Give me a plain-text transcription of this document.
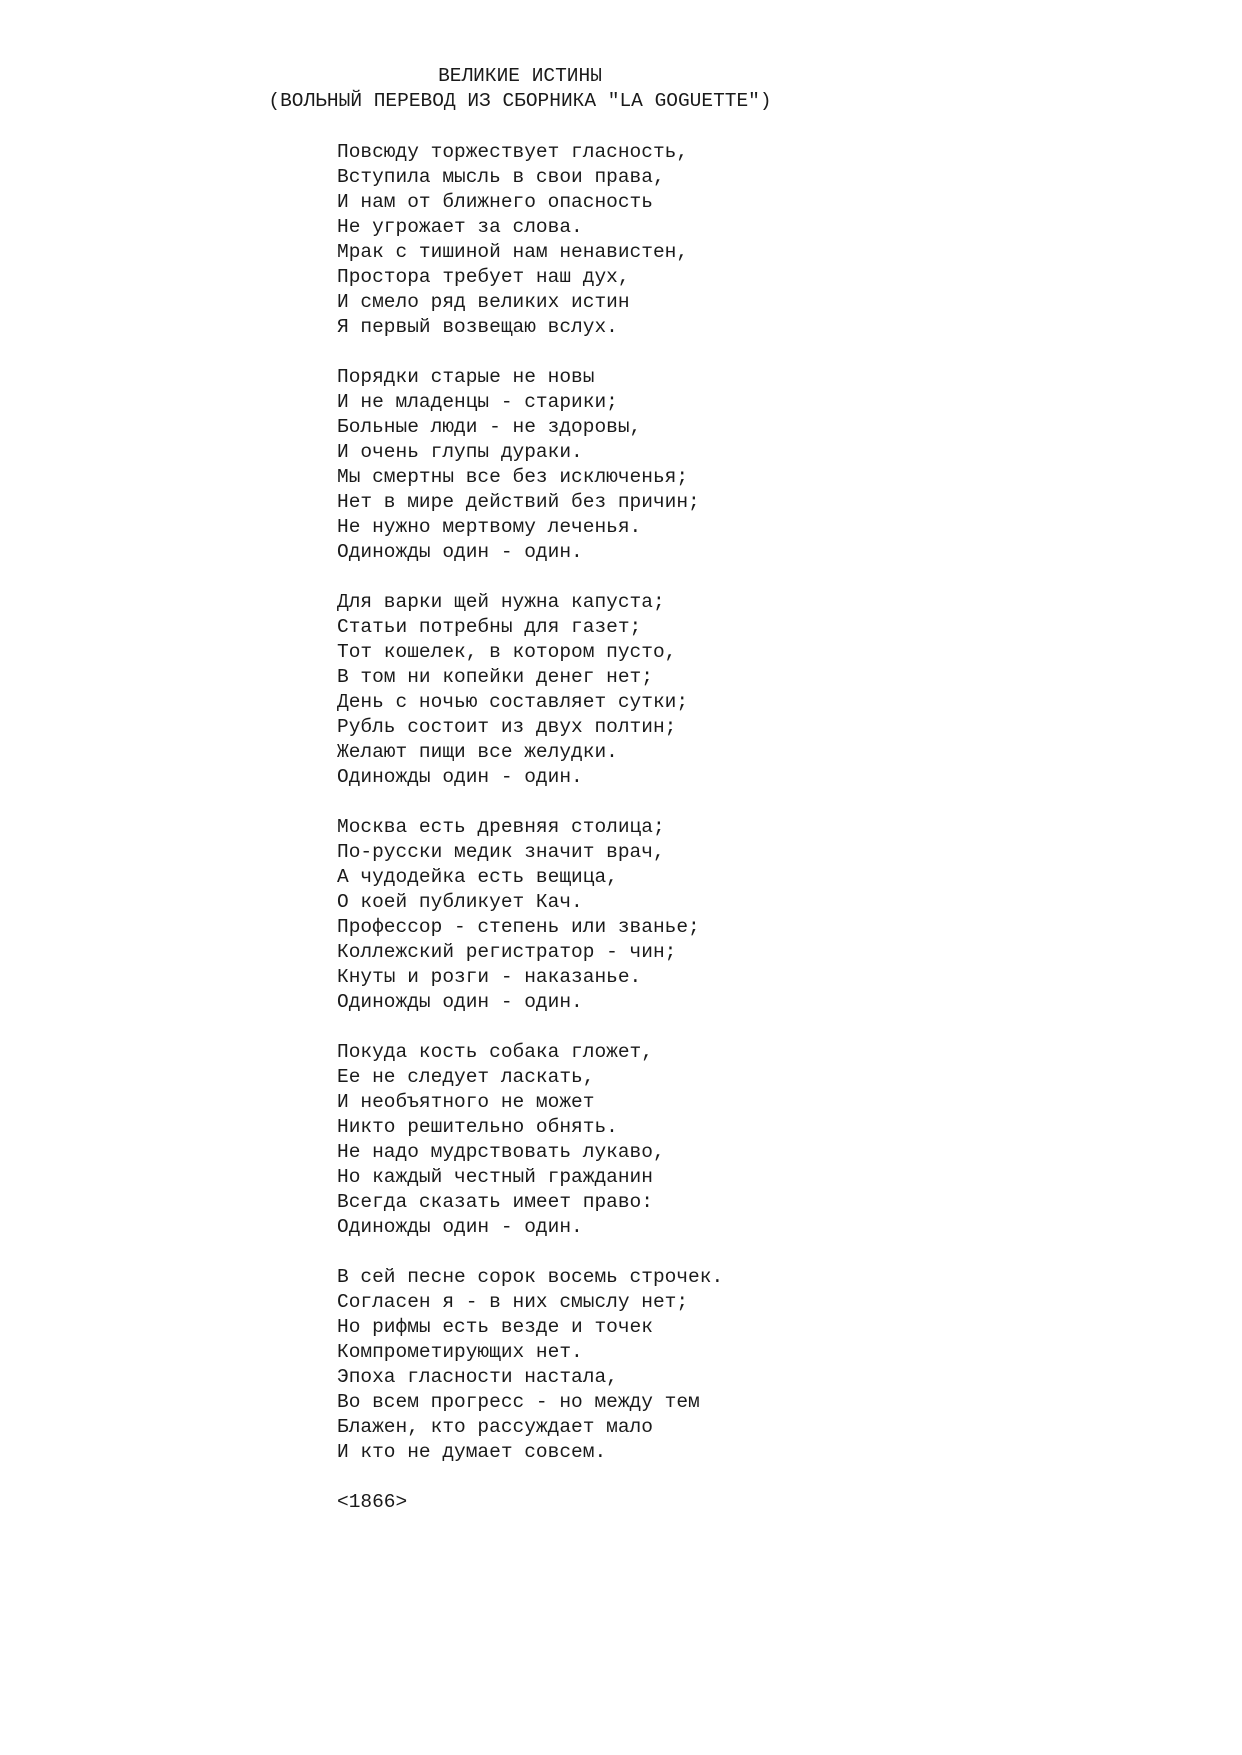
ВЕЛИКИЕ ИСТИНЫ
(ВОЛЬНЫЙ ПЕРЕВОД ИЗ СБОРНИКА "LA GOGUETTE")
Повсюду торжествует гласность,
Вступила мысль в свои права,
И нам от ближнего опасность
Не угрожает за слова.
Мрак с тишиной нам ненавистен,
Простора требует наш дух,
И смело ряд великих истин
Я первый возвещаю вслух.
Порядки старые не новы
И не младенцы - старики;
Больные люди - не здоровы,
И очень глупы дураки.
Мы смертны все без исключенья;
Нет в мире действий без причин;
Не нужно мертвому леченья.
Одиножды один - один.
Для варки щей нужна капуста;
Статьи потребны для газет;
Тот кошелек, в котором пусто,
В том ни копейки денег нет;
День с ночью составляет сутки;
Рубль состоит из двух полтин;
Желают пищи все желудки.
Одиножды один - один.
Москва есть древняя столица;
По-русски медик значит врач,
А чудодейка есть вещица,
О коей публикует Кач.
Профессор - степень или званье;
Коллежский регистратор - чин;
Кнуты и розги - наказанье.
Одиножды один - один.
Покуда кость собака гложет,
Ее не следует ласкать,
И необъятного не может
Никто решительно обнять.
Не надо мудрствовать лукаво,
Но каждый честный гражданин
Всегда сказать имеет право:
Одиножды один - один.
В сей песне сорок восемь строчек.
Согласен я - в них смыслу нет;
Но рифмы есть везде и точек
Компрометирующих нет.
Эпоха гласности настала,
Во всем прогресс - но между тем
Блажен, кто рассуждает мало
И кто не думает совсем.
<1866>
